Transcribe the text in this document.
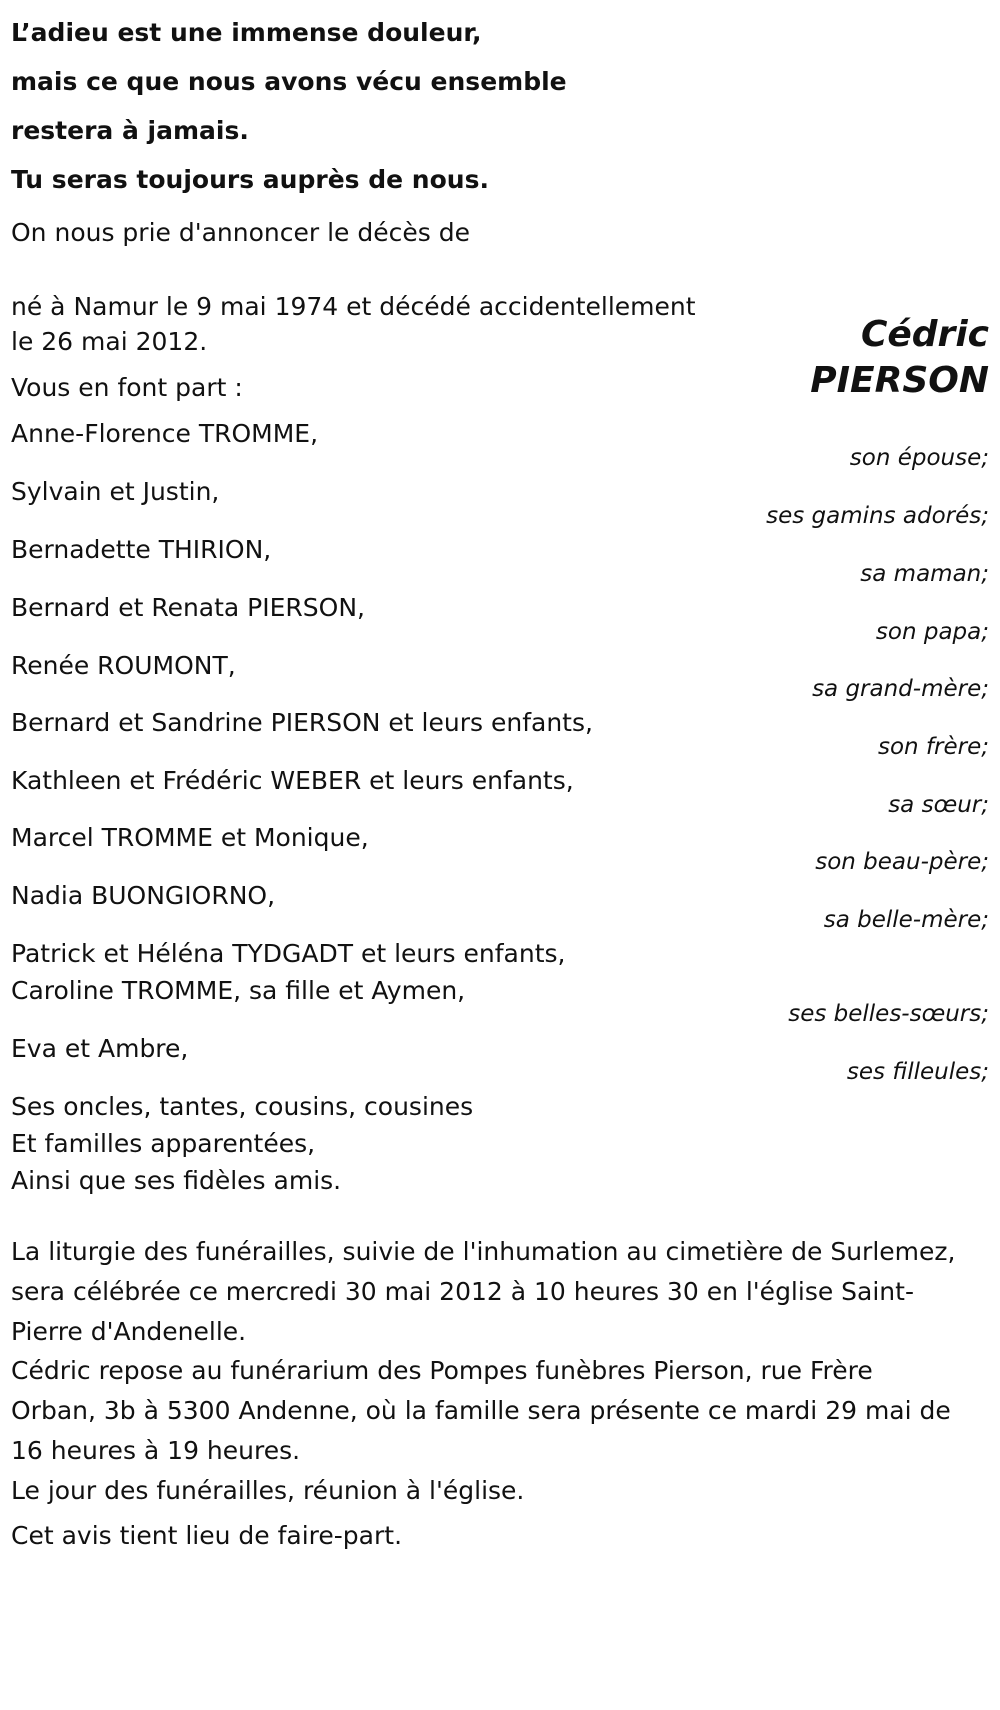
L’adieu est une immense douleur,

mais ce que nous avons vécu ensemble

restera à jamais.

Tu seras toujours auprès de nous.

On nous prie d'annoncer le décès de
Cédric
PIERSON
né à Namur le 9 mai 1974 et décédé accidentellement
le 26 mai 2012.
Vous en font part :
Anne-Florence TROMME,
Sylvain et Justin,
Bernadette THIRION,
Bernard et Renata PIERSON,
Renée ROUMONT,
Bernard et Sandrine PIERSON et leurs enfants,
Kathleen et Frédéric WEBER et leurs enfants,
Marcel TROMME et Monique,
Nadia BUONGIORNO,
Patrick et Héléna TYDGADT et leurs enfants,
Caroline TROMME, sa fille et Aymen,
Eva et Ambre,
son épouse;
ses gamins adorés;
sa maman;
son papa;
sa grand-mère;
son frère;
sa sœur;
son beau-père;
sa belle-mère;
ses belles-sœurs;
ses filleules;
Ses oncles, tantes, cousins, cousines
Et familles apparentées,
Ainsi que ses fidèles amis.

La liturgie des funérailles, suivie de l'inhumation au cimetière de Surlemez, sera célébrée ce mercredi 30 mai 2012 à 10 heures 30 en l'église Saint-Pierre d'Andenelle.

Cédric repose au funérarium des Pompes funèbres Pierson, rue Frère Orban, 3b à 5300 Andenne, où la famille sera présente ce mardi 29 mai de 16 heures à 19 heures.

Le jour des funérailles, réunion à l'église.
Cet avis tient lieu de faire-part.
